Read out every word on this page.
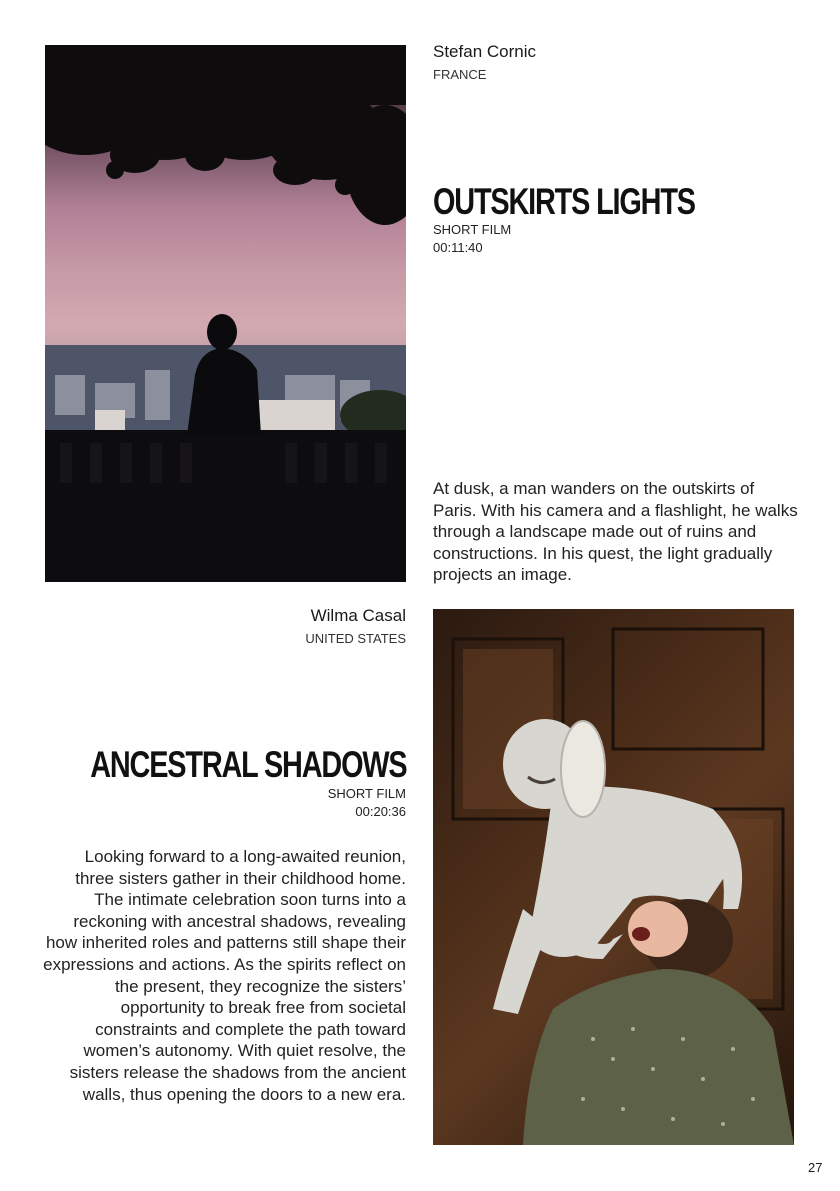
Stefan Cornic
FRANCE
OUTSKIRTS LIGHTS
SHORT FILM
00:11:40
At dusk, a man wanders on the outskirts of Paris. With his camera and a flashlight, he walks through a landscape made out of ruins and constructions. In his quest, the light gradually projects an image.
Wilma Casal
UNITED STATES
ANCESTRAL SHADOWS
SHORT FILM
00:20:36
Looking forward to a long-awaited reunion, three sisters gather in their childhood home. The intimate celebration soon turns into a reckoning with ancestral shadows, revealing how inherited roles and patterns still shape their expressions and actions. As the spirits reflect on the present, they recognize the sisters’ opportunity to break free from societal constraints and complete the path toward women’s autonomy. With quiet resolve, the sisters release the shadows from the ancient walls, thus opening the doors to a new era.
27
